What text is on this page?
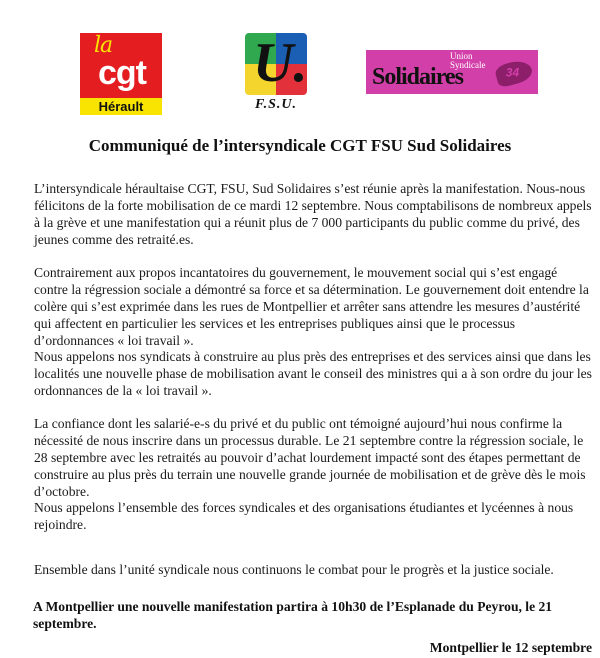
la
cgt
Hérault
U.
F.S.U.
Union
Syndicale
Solidaires	34
Communiqué de l’intersyndicale CGT FSU Sud Solidaires

L’intersyndicale héraultaise CGT, FSU, Sud Solidaires s’est réunie après la manifestation. Nous-nous félicitons de la forte mobilisation de ce mardi 12 septembre. Nous comptabilisons de nombreux appels à la grève et une manifestation qui a réunit plus de 7 000 participants du public comme du privé, des jeunes comme des retraité.es.

Contrairement aux propos incantatoires du gouvernement, le mouvement social qui s’est engagé contre la régression sociale a démontré sa force et sa détermination. Le gouvernement doit entendre la colère qui s’est exprimée dans les rues de Montpellier et arrêter sans attendre les mesures d’austérité qui affectent en particulier les services et les entreprises publiques ainsi que le processus d’ordonnances « loi travail ».

Nous appelons nos syndicats à construire au plus près des entreprises et des services ainsi que dans les localités une nouvelle phase de mobilisation avant le conseil des ministres qui a à son ordre du jour les ordonnances de la « loi travail ».

La confiance dont les salarié-e-s du privé et du public ont témoigné aujourd’hui nous confirme la nécessité de nous inscrire dans un processus durable. Le 21 septembre contre la régression sociale, le 28 septembre avec les retraités au pouvoir d’achat lourdement impacté sont des étapes permettant de construire au plus près du terrain une nouvelle grande journée de mobilisation et de grève dès le mois d’octobre.

Nous appelons l’ensemble des forces syndicales et des organisations étudiantes et lycéennes à nous rejoindre.

Ensemble dans l’unité syndicale nous continuons le combat pour le progrès et la justice sociale.

A Montpellier une nouvelle manifestation partira à 10h30 de l’Esplanade du Peyrou, le 21 septembre.

Montpellier le 12 septembre
